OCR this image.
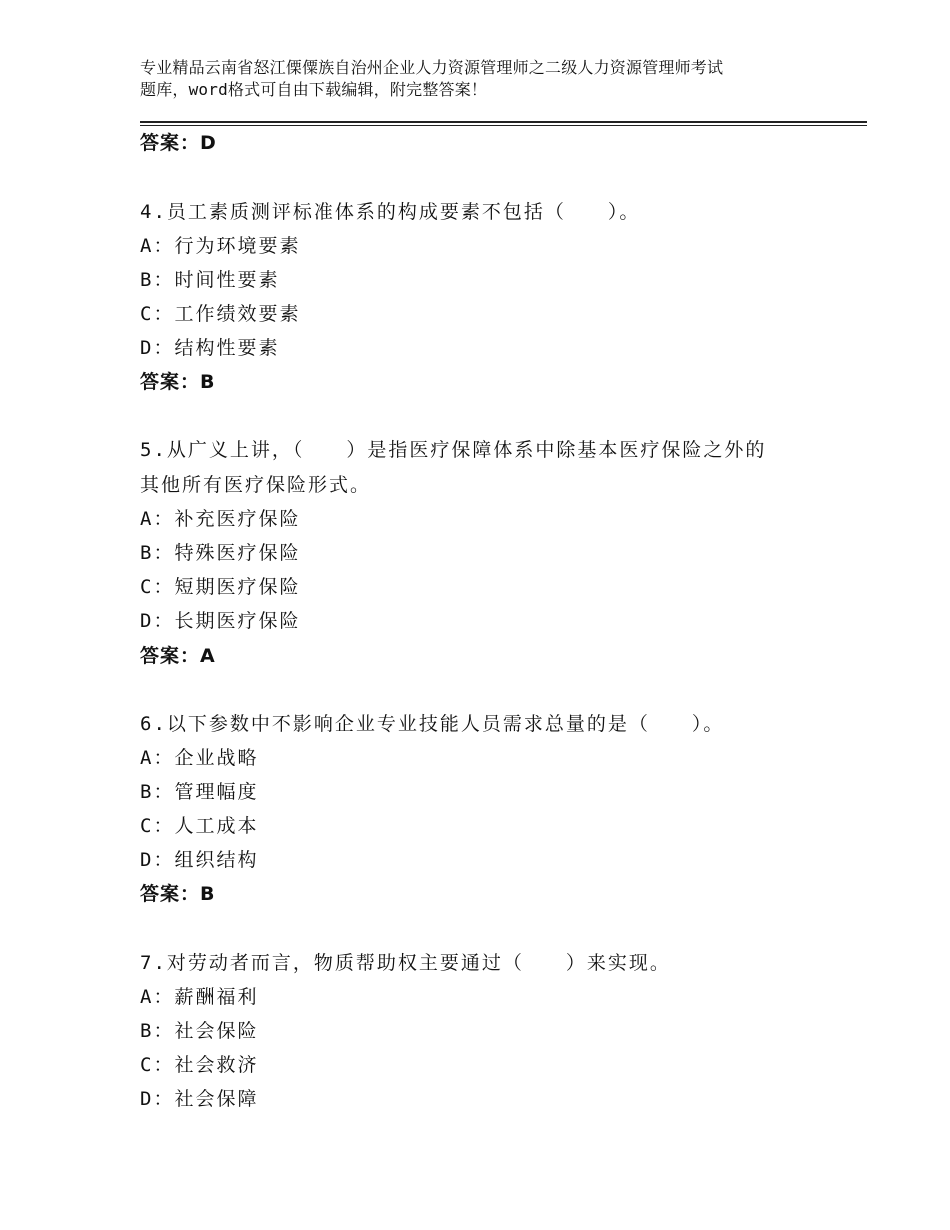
专业精品云南省怒江傈僳族自治州企业人力资源管理师之二级人力资源管理师考试
题库，word格式可自由下载编辑，附完整答案！
答案：D
4.员工素质测评标准体系的构成要素不包括（　　）。
A：行为环境要素
B：时间性要素
C：工作绩效要素
D：结构性要素
答案：B
5.从广义上讲，（　　）是指医疗保障体系中除基本医疗保险之外的
其他所有医疗保险形式。
A：补充医疗保险
B：特殊医疗保险
C：短期医疗保险
D：长期医疗保险
答案：A
6.以下参数中不影响企业专业技能人员需求总量的是（　　）。
A：企业战略
B：管理幅度
C：人工成本
D：组织结构
答案：B
7.对劳动者而言，物质帮助权主要通过（　　）来实现。
A：薪酬福利
B：社会保险
C：社会救济
D：社会保障
